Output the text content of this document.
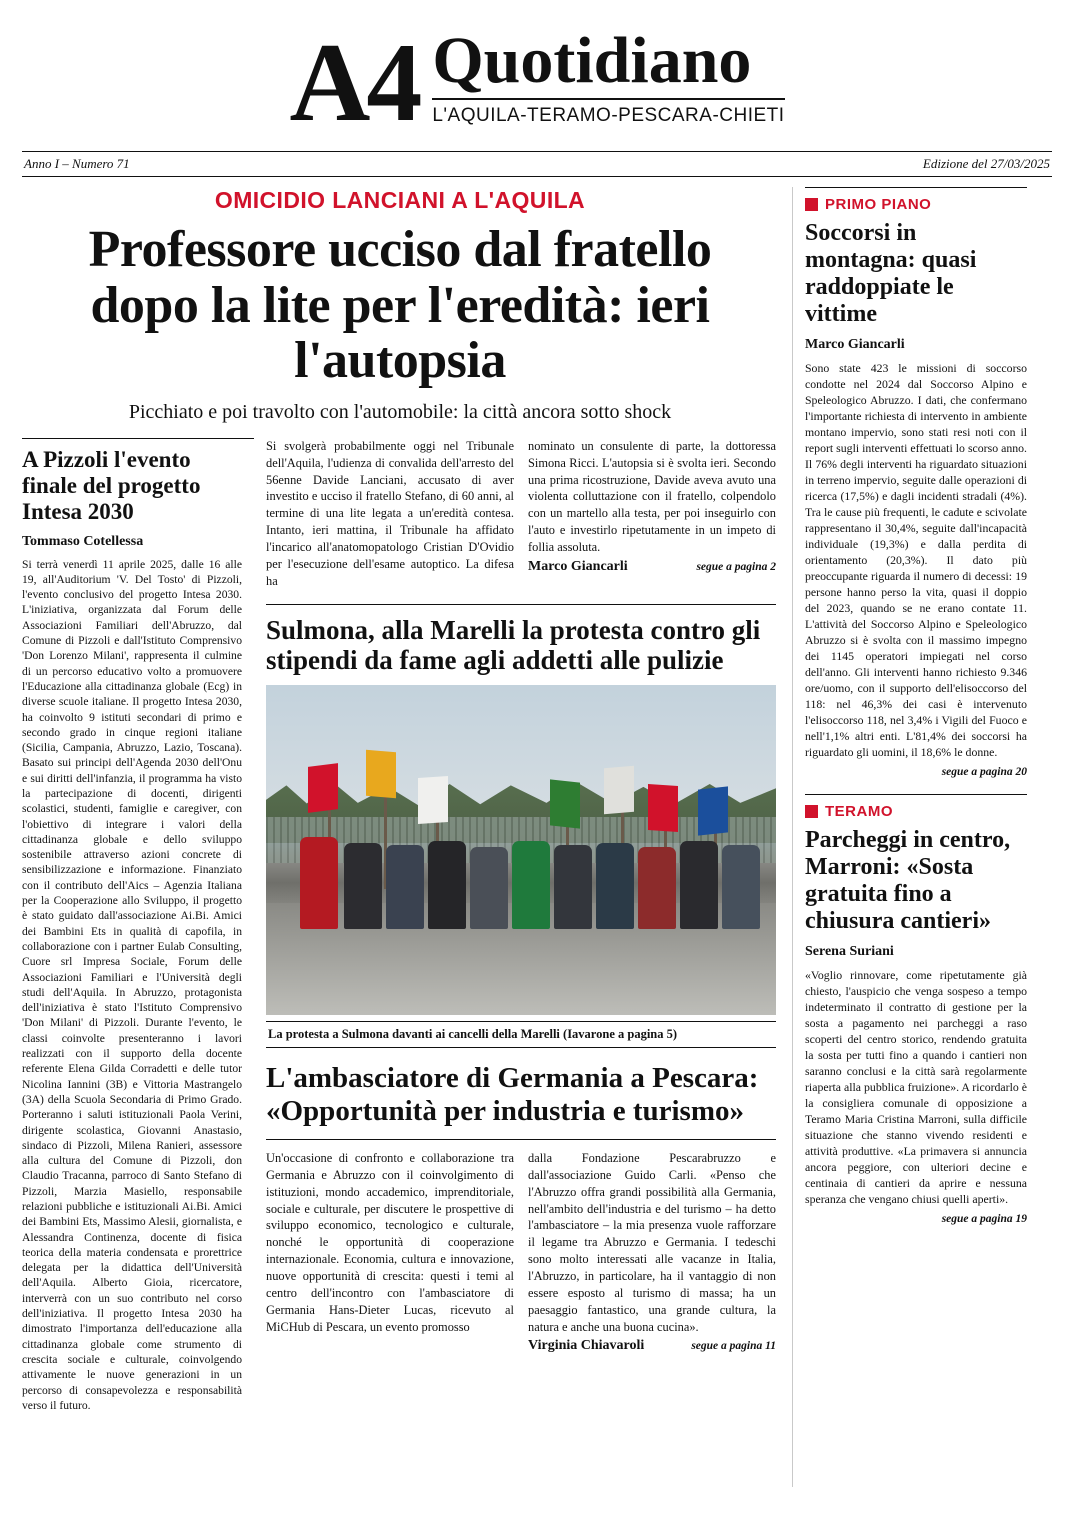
A4 Quotidiano
L'AQUILA-TERAMO-PESCARA-CHIETI
Anno I – Numero 71	Edizione del 27/03/2025
OMICIDIO LANCIANI A L'AQUILA
Professore ucciso dal fratello dopo la lite per l'eredità: ieri l'autopsia
Picchiato e poi travolto con l'automobile: la città ancora sotto shock
A Pizzoli l'evento finale del progetto Intesa 2030
Tommaso Cotellessa
Si terrà venerdì 11 aprile 2025, dalle 16 alle 19, all'Auditorium 'V. Del Tosto' di Pizzoli, l'evento conclusivo del progetto Intesa 2030. L'iniziativa, organizzata dal Forum delle Associazioni Familiari dell'Abruzzo, dal Comune di Pizzoli e dall'Istituto Comprensivo 'Don Lorenzo Milani', rappresenta il culmine di un percorso educativo volto a promuovere l'Educazione alla cittadinanza globale (Ecg) in diverse scuole italiane. Il progetto Intesa 2030, ha coinvolto 9 istituti secondari di primo e secondo grado in cinque regioni italiane (Sicilia, Campania, Abruzzo, Lazio, Toscana). Basato sui principi dell'Agenda 2030 dell'Onu e sui diritti dell'infanzia, il programma ha visto la partecipazione di docenti, dirigenti scolastici, studenti, famiglie e caregiver, con l'obiettivo di integrare i valori della cittadinanza globale e dello sviluppo sostenibile attraverso azioni concrete di sensibilizzazione e informazione. Finanziato con il contributo dell'Aics – Agenzia Italiana per la Cooperazione allo Sviluppo, il progetto è stato guidato dall'associazione Ai.Bi. Amici dei Bambini Ets in qualità di capofila, in collaborazione con i partner Eulab Consulting, Cuore srl Impresa Sociale, Forum delle Associazioni Familiari e l'Università degli studi dell'Aquila. In Abruzzo, protagonista dell'iniziativa è stato l'Istituto Comprensivo 'Don Milani' di Pizzoli. Durante l'evento, le classi coinvolte presenteranno i lavori realizzati con il supporto della docente referente Elena Gilda Corradetti e delle tutor Nicolina Iannini (3B) e Vittoria Mastrangelo (3A) della Scuola Secondaria di Primo Grado. Porteranno i saluti istituzionali Paola Verini, dirigente scolastica, Giovanni Anastasio, sindaco di Pizzoli, Milena Ranieri, assessore alla cultura del Comune di Pizzoli, don Claudio Tracanna, parroco di Santo Stefano di Pizzoli, Marzia Masiello, responsabile relazioni pubbliche e istituzionali Ai.Bi. Amici dei Bambini Ets, Massimo Alesii, giornalista, e Alessandra Continenza, docente di fisica teorica della materia condensata e prorettrice delegata per la didattica dell'Università dell'Aquila. Alberto Gioia, ricercatore, interverrà con un suo contributo nel corso dell'iniziativa. Il progetto Intesa 2030 ha dimostrato l'importanza dell'educazione alla cittadinanza globale come strumento di crescita sociale e culturale, coinvolgendo attivamente le nuove generazioni in un percorso di consapevolezza e responsabilità verso il futuro.
Si svolgerà probabilmente oggi nel Tribunale dell'Aquila, l'udienza di convalida dell'arresto del 56enne Davide Lanciani, accusato di aver investito e ucciso il fratello Stefano, di 60 anni, al termine di una lite legata a un'eredità contesa. Intanto, ieri mattina, il Tribunale ha affidato l'incarico all'anatomopatologo Cristian D'Ovidio per l'esecuzione dell'esame autoptico. La difesa ha
nominato un consulente di parte, la dottoressa Simona Ricci. L'autopsia si è svolta ieri. Secondo una prima ricostruzione, Davide aveva avuto una violenta colluttazione con il fratello, colpendolo con un martello alla testa, per poi inseguirlo con l'auto e investirlo ripetutamente in un impeto di follia assoluta.
Marco Giancarli	segue a pagina 2
Sulmona, alla Marelli la protesta contro gli stipendi da fame agli addetti alle pulizie
La protesta a Sulmona davanti ai cancelli della Marelli (Iavarone a pagina 5)
L'ambasciatore di Germania a Pescara: «Opportunità per industria e turismo»
Un'occasione di confronto e collaborazione tra Germania e Abruzzo con il coinvolgimento di istituzioni, mondo accademico, imprenditoriale, sociale e culturale, per discutere le prospettive di sviluppo economico, tecnologico e culturale, nonché le opportunità di cooperazione internazionale. Economia, cultura e innovazione, nuove opportunità di crescita: questi i temi al centro dell'incontro con l'ambasciatore di Germania Hans-Dieter Lucas, ricevuto al MiCHub di Pescara, un evento promosso
dalla Fondazione Pescarabruzzo e dall'associazione Guido Carli. «Penso che l'Abruzzo offra grandi possibilità alla Germania, nell'ambito dell'industria e del turismo – ha detto l'ambasciatore – la mia presenza vuole rafforzare il legame tra Abruzzo e Germania. I tedeschi sono molto interessati alle vacanze in Italia, l'Abruzzo, in particolare, ha il vantaggio di non essere esposto al turismo di massa; ha un paesaggio fantastico, una grande cultura, la natura e anche una buona cucina».
Virginia Chiavaroli	segue a pagina 11
PRIMO PIANO
Soccorsi in montagna: quasi raddoppiate le vittime
Marco Giancarli
Sono state 423 le missioni di soccorso condotte nel 2024 dal Soccorso Alpino e Speleologico Abruzzo. I dati, che confermano l'importante richiesta di intervento in ambiente montano impervio, sono stati resi noti con il report sugli interventi effettuati lo scorso anno. Il 76% degli interventi ha riguardato situazioni in terreno impervio, seguite dalle operazioni di ricerca (17,5%) e dagli incidenti stradali (4%). Tra le cause più frequenti, le cadute e scivolate rappresentano il 30,4%, seguite dall'incapacità individuale (19,3%) e dalla perdita di orientamento (20,3%). Il dato più preoccupante riguarda il numero di decessi: 19 persone hanno perso la vita, quasi il doppio del 2023, quando se ne erano contate 11. L'attività del Soccorso Alpino e Speleologico Abruzzo si è svolta con il massimo impegno dei 1145 operatori impiegati nel corso dell'anno. Gli interventi hanno richiesto 9.346 ore/uomo, con il supporto dell'elisoccorso del 118: nel 46,3% dei casi è intervenuto l'elisoccorso 118, nel 3,4% i Vigili del Fuoco e nell'1,1% altri enti. L'81,4% dei soccorsi ha riguardato gli uomini, il 18,6% le donne.
segue a pagina 20
TERAMO
Parcheggi in centro, Marroni: «Sosta gratuita fino a chiusura cantieri»
Serena Suriani
«Voglio rinnovare, come ripetutamente già chiesto, l'auspicio che venga sospeso a tempo indeterminato il contratto di gestione per la sosta a pagamento nei parcheggi a raso scoperti del centro storico, rendendo gratuita la sosta per tutti fino a quando i cantieri non saranno conclusi e la città sarà regolarmente riaperta alla pubblica fruizione». A ricordarlo è la consigliera comunale di opposizione a Teramo Maria Cristina Marroni, sulla difficile situazione che stanno vivendo residenti e attività produttive. «La primavera si annuncia ancora peggiore, con ulteriori decine e centinaia di cantieri da aprire e nessuna speranza che vengano chiusi quelli aperti».
segue a pagina 19
